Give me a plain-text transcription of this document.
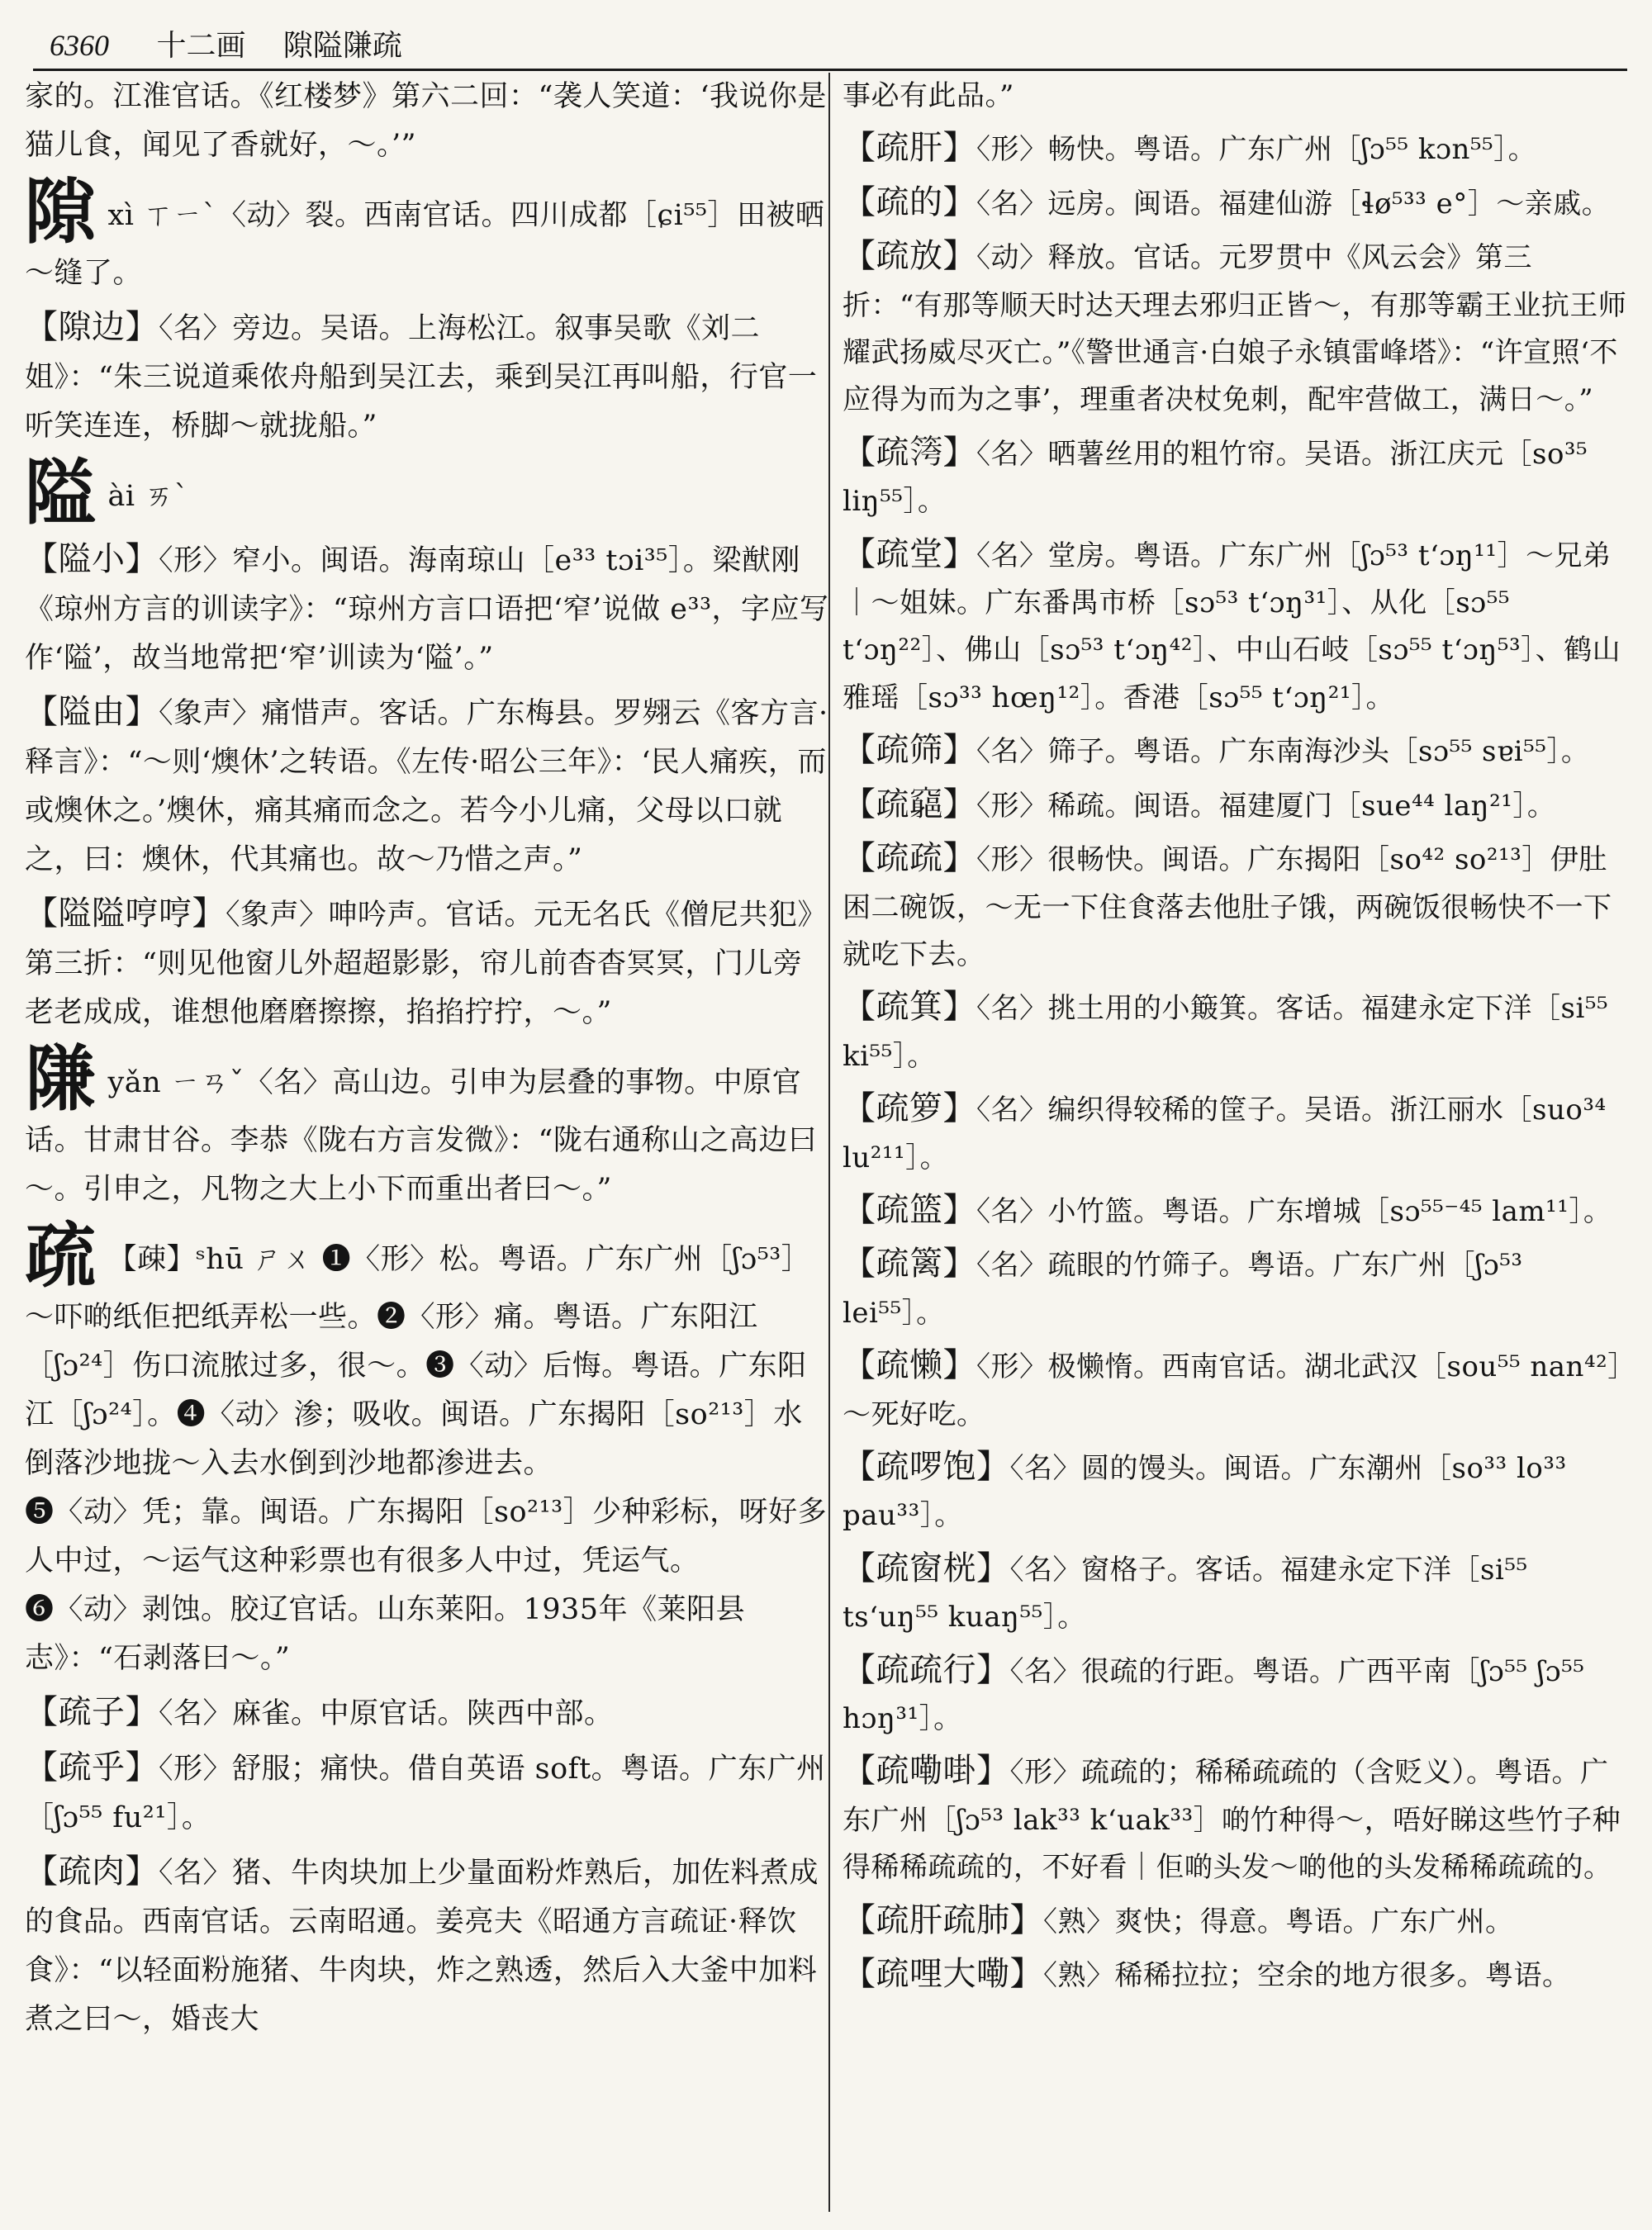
6360 十二画 隙隘隒疏

家的。江淮官话。《红楼梦》第六二回：“袭人笑道：‘我说你是猫儿食，闻见了香就好，～。’”

隙xì ㄒㄧˋ〈动〉裂。西南官话。四川成都［ɕi⁵⁵］田被晒～缝了。

【隙边】〈名〉旁边。吴语。上海松江。叙事吴歌《刘二姐》：“朱三说道乘侬舟船到吴江去，乘到吴江再叫船，行官一听笑连连，桥脚～就拢船。”

隘ài ㄞˋ

【隘小】〈形〉窄小。闽语。海南琼山［e³³ tɔi³⁵］。梁猷刚《琼州方言的训读字》：“琼州方言口语把‘窄’说做 e³³，字应写作‘隘’，故当地常把‘窄’训读为‘隘’。”

【隘由】〈象声〉痛惜声。客话。广东梅县。罗翙云《客方言·释言》：“～则‘燠休’之转语。《左传·昭公三年》：‘民人痛疾，而或燠休之。’燠休，痛其痛而念之。若今小儿痛，父母以口就之，曰：燠休，代其痛也。故～乃惜之声。”

【隘隘哼哼】〈象声〉呻吟声。官话。元无名氏《僧尼共犯》第三折：“则见他窗儿外超超影影，帘儿前杳杳冥冥，门儿旁老老成成，谁想他磨磨擦擦，掐掐拧拧，～。”

隒yǎn ㄧㄢˇ〈名〉高山边。引申为层叠的事物。中原官话。甘肃甘谷。李恭《陇右方言发微》：“陇右通称山之高边曰～。引申之，凡物之大上小下而重出者曰～。”

疏 【疎】ˢhū ㄕㄨ ❶〈形〉松。粤语。广东广州［ʃɔ⁵³］～吓啲纸佢把纸弄松一些。❷〈形〉痛。粤语。广东阳江［ʃɔ²⁴］伤口流脓过多，很～。❸〈动〉后悔。粤语。广东阳江［ʃɔ²⁴］。❹〈动〉渗；吸收。闽语。广东揭阳［so²¹³］水倒落沙地拢～入去水倒到沙地都渗进去。

❺〈动〉凭；靠。闽语。广东揭阳［so²¹³］少种彩标，呀好多人中过，～运气这种彩票也有很多人中过，凭运气。

❻〈动〉剥蚀。胶辽官话。山东莱阳。1935年《莱阳县志》：“石剥落曰～。”

【疏子】〈名〉麻雀。中原官话。陕西中部。

【疏乎】〈形〉舒服；痛快。借自英语 soft。粤语。广东广州［ʃɔ⁵⁵ fu²¹］。

【疏肉】〈名〉猪、牛肉块加上少量面粉炸熟后，加佐料煮成的食品。西南官话。云南昭通。姜亮夫《昭通方言疏证·释饮食》：“以轻面粉施猪、牛肉块，炸之熟透，然后入大釜中加料煮之曰～，婚丧大

事必有此品。”

【疏肝】〈形〉畅快。粤语。广东广州［ʃɔ⁵⁵ kɔn⁵⁵］。

【疏的】〈名〉远房。闽语。福建仙游［ɬø⁵³³ e°］～亲戚。

【疏放】〈动〉释放。官话。元罗贯中《风云会》第三折：“有那等顺天时达天理去邪归正皆～，有那等霸王业抗王师耀武扬威尽灭亡。”《警世通言·白娘子永镇雷峰塔》：“许宣照‘不应得为而为之事’，理重者决杖免刺，配牢营做工，满日～。”

【疏𥱀】〈名〉晒薯丝用的粗竹帘。吴语。浙江庆元［so³⁵ liŋ⁵⁵］。

【疏堂】〈名〉堂房。粤语。广东广州［ʃɔ⁵³ tʻɔŋ¹¹］～兄弟｜～姐妹。广东番禺市桥［sɔ⁵³ tʻɔŋ³¹］、从化［sɔ⁵⁵ tʻɔŋ²²］、佛山［sɔ⁵³ tʻɔŋ⁴²］、中山石岐［sɔ⁵⁵ tʻɔŋ⁵³］、鹤山雅瑶［sɔ³³ hœŋ¹²］。香港［sɔ⁵⁵ tʻɔŋ²¹］。

【疏筛】〈名〉筛子。粤语。广东南海沙头［sɔ⁵⁵ sɐi⁵⁵］。

【疏𥨪】〈形〉稀疏。闽语。福建厦门［sue⁴⁴ laŋ²¹］。

【疏疏】〈形〉很畅快。闽语。广东揭阳［so⁴² so²¹³］伊肚困二碗饭，～无一下住食落去他肚子饿，两碗饭很畅快不一下就吃下去。

【疏箕】〈名〉挑土用的小簸箕。客话。福建永定下洋［si⁵⁵ ki⁵⁵］。

【疏箩】〈名〉编织得较稀的筐子。吴语。浙江丽水［suo³⁴ lu²¹¹］。

【疏篮】〈名〉小竹篮。粤语。广东增城［sɔ⁵⁵⁻⁴⁵ lam¹¹］。

【疏篱】〈名〉疏眼的竹筛子。粤语。广东广州［ʃɔ⁵³ lei⁵⁵］。

【疏懒】〈形〉极懒惰。西南官话。湖北武汉［sou⁵⁵ nan⁴²］～死好吃。

【疏啰饱】〈名〉圆的馒头。闽语。广东潮州［so³³ lo³³ pau³³］。

【疏窗桄】〈名〉窗格子。客话。福建永定下洋［si⁵⁵ tsʻuŋ⁵⁵ kuaŋ⁵⁵］。

【疏疏行】〈名〉很疏的行距。粤语。广西平南［ʃɔ⁵⁵ ʃɔ⁵⁵ hɔŋ³¹］。

【疏嘞啩】〈形〉疏疏的；稀稀疏疏的（含贬义）。粤语。广东广州［ʃɔ⁵³ lak³³ kʻuak³³］啲竹种得～，唔好睇这些竹子种得稀稀疏疏的，不好看｜佢啲头发～啲他的头发稀稀疏疏的。

【疏肝疏肺】〈熟〉爽快；得意。粤语。广东广州。

【疏哩大嘞】〈熟〉稀稀拉拉；空余的地方很多。粤语。
